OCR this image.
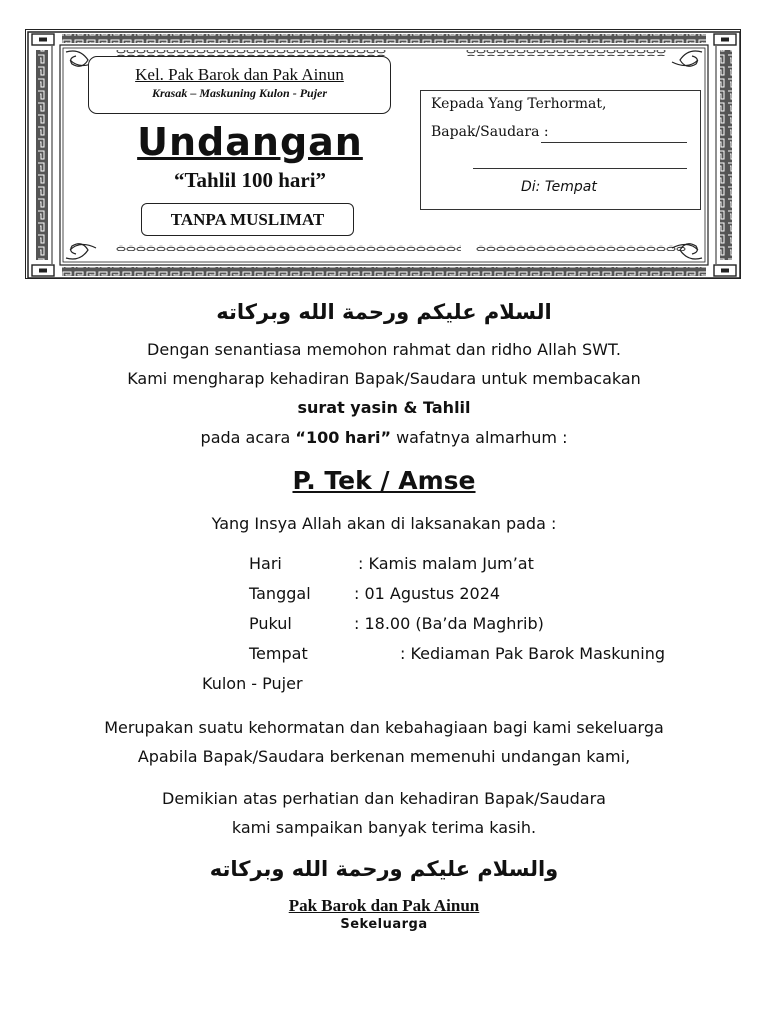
Kel. Pak Barok dan Pak Ainun
Krasak – Maskuning Kulon - Pujer
Undangan
“Tahlil 100 hari”
TANPA MUSLIMAT
Kepada Yang Terhormat,
Bapak/Saudara :
Di: Tempat
السلام عليكم ورحمة الله وبركاته
Dengan senantiasa memohon rahmat dan ridho Allah SWT.
Kami mengharap kehadiran Bapak/Saudara untuk membacakan
surat yasin & Tahlil
pada acara “100 hari” wafatnya almarhum :
P. Tek / Amse
Yang Insya Allah akan di laksanakan pada :
Hari	: Kamis malam Jum’at
Tanggal	: 01 Agustus 2024
Pukul	: 18.00 (Ba’da Maghrib)
Tempat	: Kediaman Pak Barok Maskuning
Kulon - Pujer
Merupakan suatu kehormatan dan kebahagiaan bagi kami sekeluarga
Apabila Bapak/Saudara berkenan memenuhi undangan kami,
Demikian atas perhatian dan kehadiran Bapak/Saudara
kami sampaikan banyak terima kasih.
والسلام عليكم ورحمة الله وبركاته
Pak Barok dan Pak Ainun
Sekeluarga
